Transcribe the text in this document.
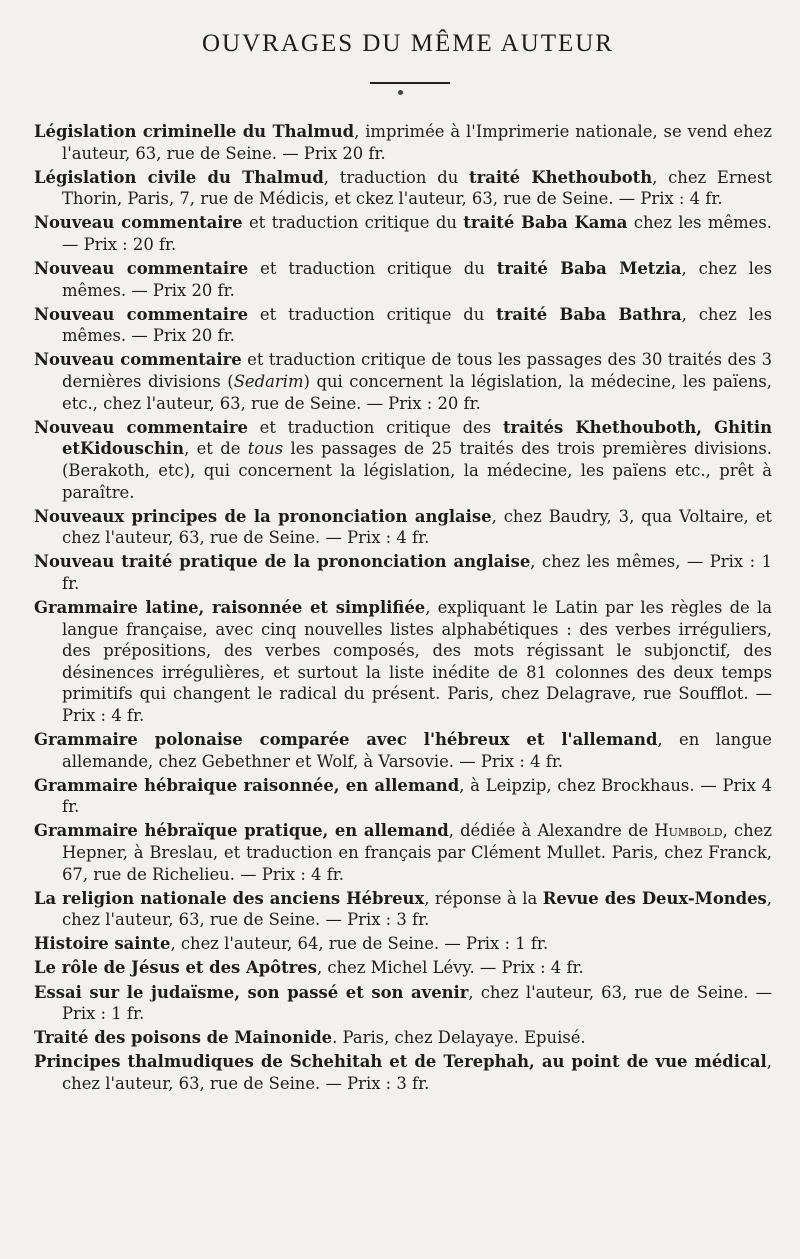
OUVRAGES DU MÊME AUTEUR

Législation criminelle du Thalmud, imprimée à l'Imprimerie nationale, se vend ehez l'auteur, 63, rue de Seine. — Prix 20 fr.

Législation civile du Thalmud, traduction du traité Khethouboth, chez Ernest Thorin, Paris, 7, rue de Médicis, et ckez l'auteur, 63, rue de Seine. — Prix : 4 fr.

Nouveau commentaire et traduction critique du traité Baba Kama chez les mêmes. — Prix : 20 fr.

Nouveau commentaire et traduction critique du traité Baba Metzia, chez les mêmes. — Prix 20 fr.

Nouveau commentaire et traduction critique du traité Baba Bathra, chez les mêmes. — Prix 20 fr.

Nouveau commentaire et traduction critique de tous les passages des 30 traités des 3 dernières divisions (Sedarim) qui concernent la législation, la médecine, les païens, etc., chez l'auteur, 63, rue de Seine. — Prix : 20 fr.

Nouveau commentaire et traduction critique des traités Khethouboth, Ghitin etKidouschin, et de tous les passages de 25 traités des trois premières divisions. (Berakoth, etc), qui concernent la législation, la médecine, les païens etc., prêt à paraître.

Nouveaux principes de la prononciation anglaise, chez Baudry, 3, qua Voltaire, et chez l'auteur, 63, rue de Seine. — Prix : 4 fr.

Nouveau traité pratique de la prononciation anglaise, chez les mêmes, — Prix : 1 fr.

Grammaire latine, raisonnée et simplifiée, expliquant le Latin par les règles de la langue française, avec cinq nouvelles listes alphabétiques : des verbes irréguliers, des prépositions, des verbes composés, des mots régissant le subjonctif, des désinences irrégulières, et surtout la liste inédite de 81 colonnes des deux temps primitifs qui changent le radical du présent. Paris, chez Delagrave, rue Soufflot. — Prix : 4 fr.

Grammaire polonaise comparée avec l'hébreux et l'allemand, en langue allemande, chez Gebethner et Wolf, à Varsovie. — Prix : 4 fr.

Grammaire hébraique raisonnée, en allemand, à Leipzip, chez Brockhaus. — Prix 4 fr.

Grammaire hébraïque pratique, en allemand, dédiée à Alexandre de Humbold, chez Hepner, à Breslau, et traduction en français par Clément Mullet. Paris, chez Franck, 67, rue de Richelieu. — Prix : 4 fr.

La religion nationale des anciens Hébreux, réponse à la Revue des Deux-Mondes, chez l'auteur, 63, rue de Seine. — Prix : 3 fr.

Histoire sainte, chez l'auteur, 64, rue de Seine. — Prix : 1 fr.

Le rôle de Jésus et des Apôtres, chez Michel Lévy. — Prix : 4 fr.

Essai sur le judaïsme, son passé et son avenir, chez l'auteur, 63, rue de Seine. — Prix : 1 fr.

Traité des poisons de Mainonide. Paris, chez Delayaye. Epuisé.

Principes thalmudiques de Schehitah et de Terephah, au point de vue médical, chez l'auteur, 63, rue de Seine. — Prix : 3 fr.
